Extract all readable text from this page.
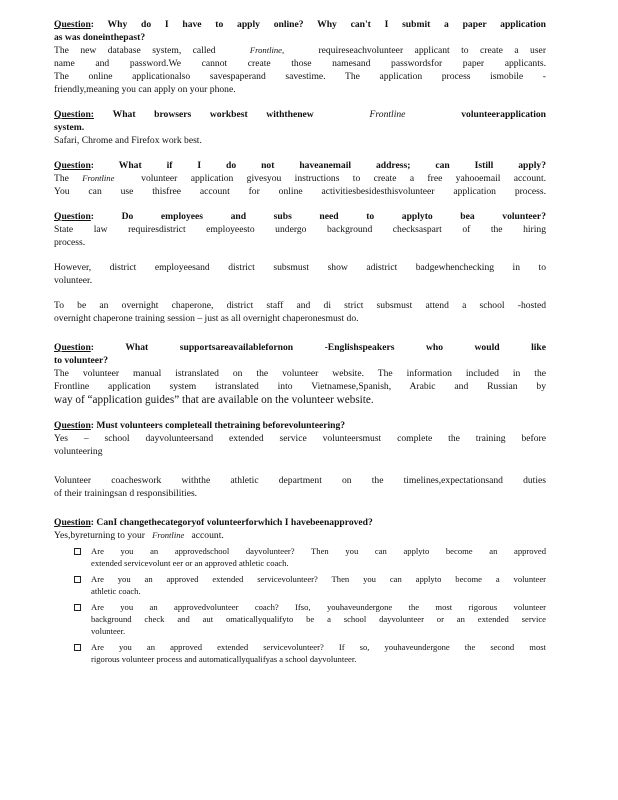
Question: Why do I have to apply online? Why can't I submit a paper application

as was doneinthepast?

The new database system, called	Frontline,	requireseachvolunteer applicant to create a user

name and password.We cannot create those namesand passwordsfor paper applicants.

The online applicationalso savespaperand savestime. The application process ismobile -

friendly,meaning you can apply on your phone.

Question: What browsers workbest withthenew	Frontline	volunteerapplication

system.

Safari, Chrome and Firefox work best.

Question: What if I do not haveanemail address; can Istill apply?

The Frontline	volunteer application givesyou instructions to create a free yahooemail account.

You can use thisfree account for online activitiesbesidesthisvolunteer application process.

Question: Do employees and subs need to applyto bea volunteer?

State law requiresdistrict employeesto undergo background checksaspart of the hiring

process.

However, district employeesand district subsmust show adistrict badgewhenchecking in to

volunteer.

To be an overnight chaperone, district staff and di strict subsmust attend a school -hosted

overnight chaperone training session – just as all overnight chaperonesmust do.

Question: What supportsareavailablefornon -Englishspeakers who would like

to volunteer?

The volunteer manual istranslated on the volunteer website. The information included in the

Frontline application system istranslated into Vietnamese,Spanish, Arabic and Russian by

way of “application guides” that are available on the volunteer website.

Question: Must volunteers completeall thetraining beforevolunteering?

Yes – school dayvolunteersand extended service volunteersmust complete the training before

volunteering

Volunteer coacheswork withthe athletic department on the timelines,expectationsand duties

of their trainingsan d responsibilities.

Question: CanI changethecategoryof volunteerforwhich I havebeenapproved?

Yes,byreturning to your Frontline account.

Are you an approvedschool dayvolunteer? Then you can applyto become an approved
extended servicevolunt eer or an approved athletic coach.
Are you an approved extended servicevolunteer? Then you can applyto become a volunteer
athletic coach.
Are you an approvedvolunteer coach? Ifso, youhaveundergone the most rigorous volunteer
background check and aut omaticallyqualifyto be a school dayvolunteer or an extended service
volunteer.
Are you an approved extended servicevolunteer? If so, youhaveundergone the second most
rigorous volunteer process and automaticallyqualifyas a school dayvolunteer.
